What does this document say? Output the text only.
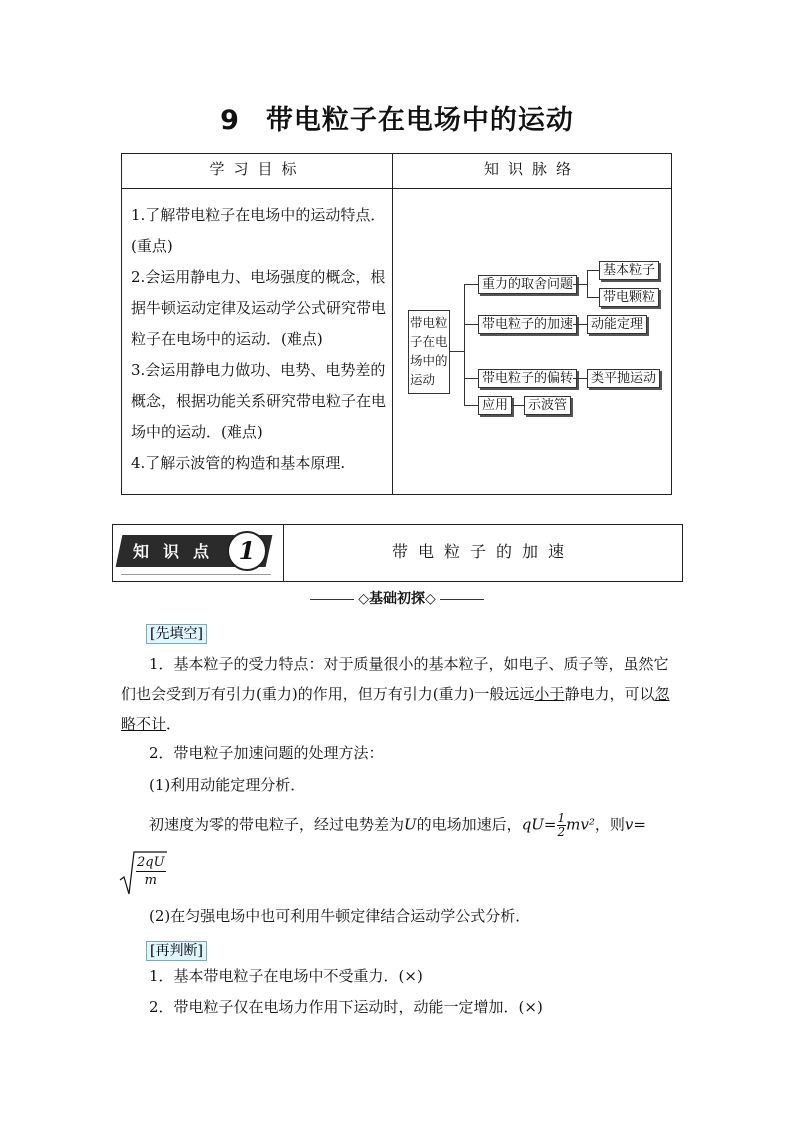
9 带电粒子在电场中的运动
学习目标	知识脉络

1.了解带电粒子在电场中的运动特点．(重点)

2.会运用静电力、电场强度的概念，根据牛顿运动定律及运动学公式研究带电粒子在电场中的运动．(难点)

3.会运用静电力做功、电势、电势差的概念，根据功能关系研究带电粒子在电场中的运动．(难点)

4.了解示波管的构造和基本原理.

带电粒子在电场中的运动
重力的取舍问题
基本粒子
带电颗粒
带电粒子的加速	动能定理
带电粒子的偏转	类平抛运动
应用	示波管
知识点 1	带电粒子的加速
◇基础初探◇
[先填空]
1．基本粒子的受力特点：对于质量很小的基本粒子，如电子、质子等，虽然它们也会受到万有引力(重力)的作用，但万有引力(重力)一般远远小于静电力，可以忽略不计．
2．带电粒子加速问题的处理方法：
(1)利用动能定理分析．
初速度为零的带电粒子，经过电势差为U的电场加速后，$qU= \frac{1}{2} mv^2$，则v=
$\frac{2qU}{m}$
(2)在匀强电场中也可利用牛顿定律结合运动学公式分析．
[再判断]
1．基本带电粒子在电场中不受重力．(×)
2．带电粒子仅在电场力作用下运动时，动能一定增加．(×)
